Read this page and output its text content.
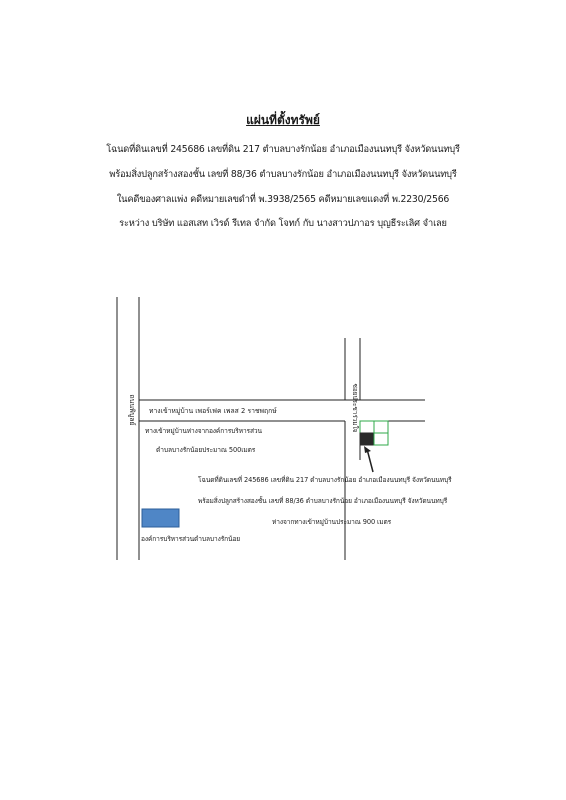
แผ่นที่ตั้งทรัพย์
โฉนดที่ดินเลขที่ 245686 เลขที่ดิน 217 ตำบลบางรักน้อย อำเภอเมืองนนทบุรี จังหวัดนนทบุรี
พร้อมสิ่งปลูกสร้างสองชั้น เลขที่ 88/36 ตำบลบางรักน้อย อำเภอเมืองนนทบุรี จังหวัดนนทบุรี
ในคดีของศาลแพ่ง คดีหมายเลขดำที่ พ.3938/2565 คดีหมายเลขแดงที่ พ.2230/2566
ระหว่าง บริษัท แอสเสท เวิรด์ รีเทล จำกัด โจทก์ กับ นางสาวปภาอร บุญธีระเลิศ จำเลย
ถนนพิบูลย์ ทางเข้าหมู่บ้าน เพอร์เฟค เพลส 2 ราชพฤกษ์	ซอยประชาร่วมใจ
ทางเข้าหมู่บ้านห่างจากองค์การบริหารส่วน
ตำบลบางรักน้อยประมาณ 500เมตร
โฉนดที่ดินเลขที่ 245686 เลขที่ดิน 217 ตำบลบางรักน้อย อำเภอเมืองนนทบุรี จังหวัดนนทบุรี
พร้อมสิ่งปลูกสร้างสองชั้น เลขที่ 88/36 ตำบลบางรักน้อย อำเภอเมืองนนทบุรี จังหวัดนนทบุรี
ห่างจากทางเข้าหมู่บ้านประมาณ 900 เมตร
องค์การบริหารส่วนตำบลบางรักน้อย
